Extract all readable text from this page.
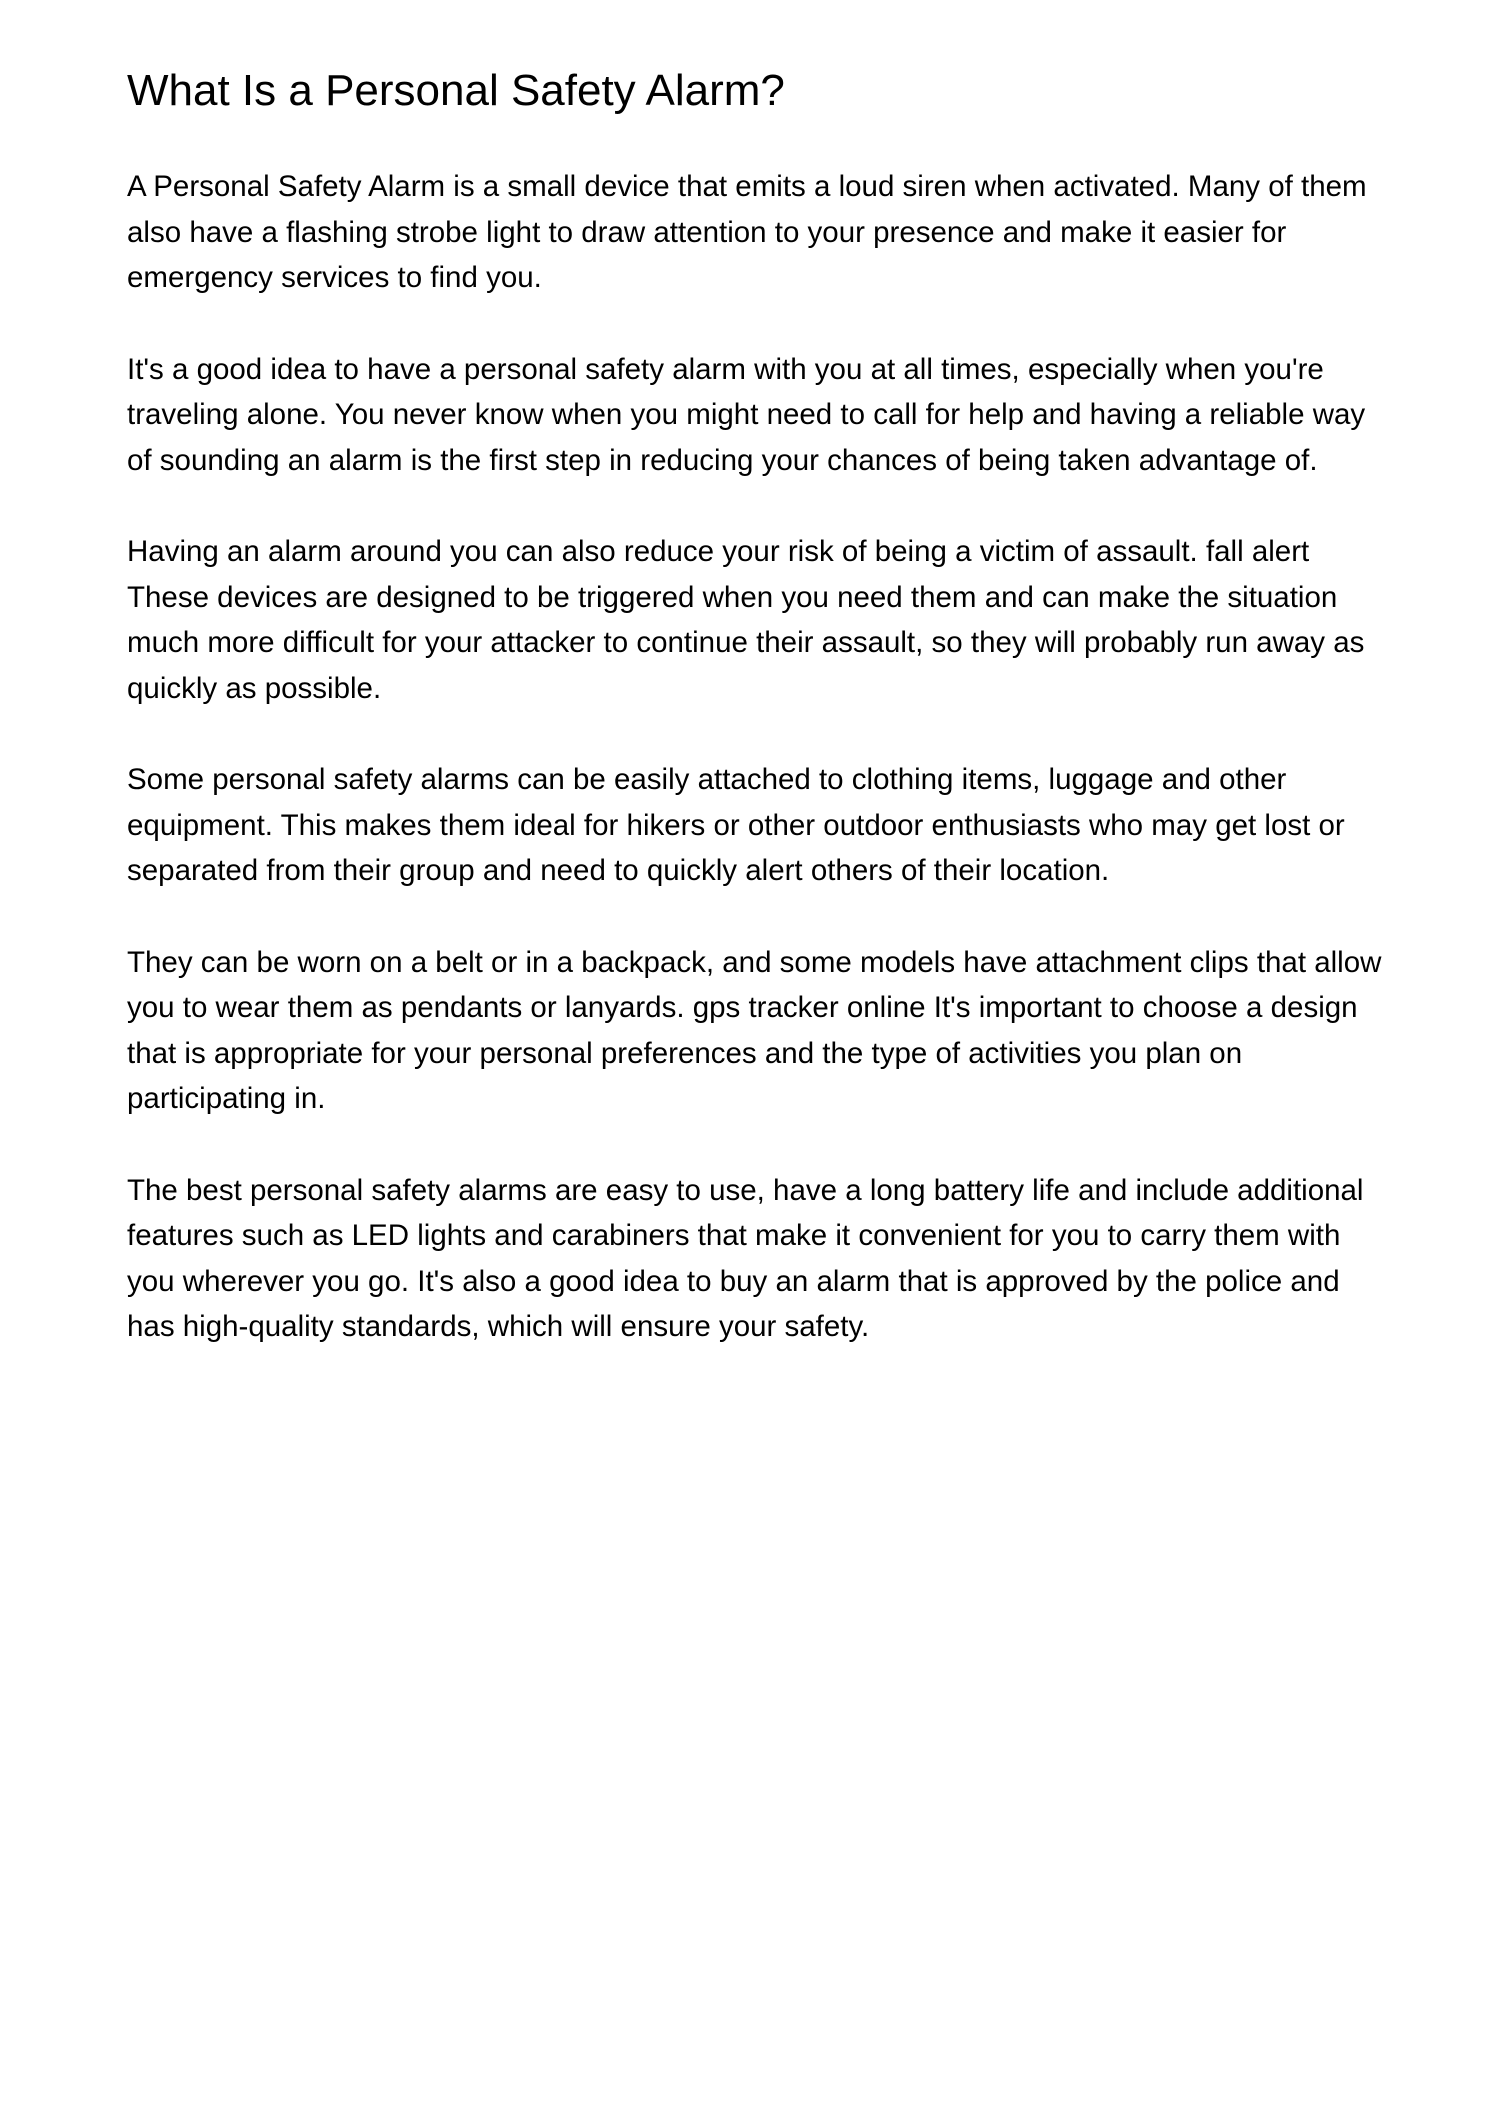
What Is a Personal Safety Alarm?

A Personal Safety Alarm is a small device that emits a loud siren when activated. Many of them also have a flashing strobe light to draw attention to your presence and make it easier for emergency services to find you.

It's a good idea to have a personal safety alarm with you at all times, especially when you're traveling alone. You never know when you might need to call for help and having a reliable way of sounding an alarm is the first step in reducing your chances of being taken advantage of.

Having an alarm around you can also reduce your risk of being a victim of assault. fall alert These devices are designed to be triggered when you need them and can make the situation much more difficult for your attacker to continue their assault, so they will probably run away as quickly as possible.

Some personal safety alarms can be easily attached to clothing items, luggage and other equipment. This makes them ideal for hikers or other outdoor enthusiasts who may get lost or separated from their group and need to quickly alert others of their location.

They can be worn on a belt or in a backpack, and some models have attachment clips that allow you to wear them as pendants or lanyards. gps tracker online It's important to choose a design that is appropriate for your personal preferences and the type of activities you plan on participating in.

The best personal safety alarms are easy to use, have a long battery life and include additional features such as LED lights and carabiners that make it convenient for you to carry them with you wherever you go. It's also a good idea to buy an alarm that is approved by the police and has high-quality standards, which will ensure your safety.
